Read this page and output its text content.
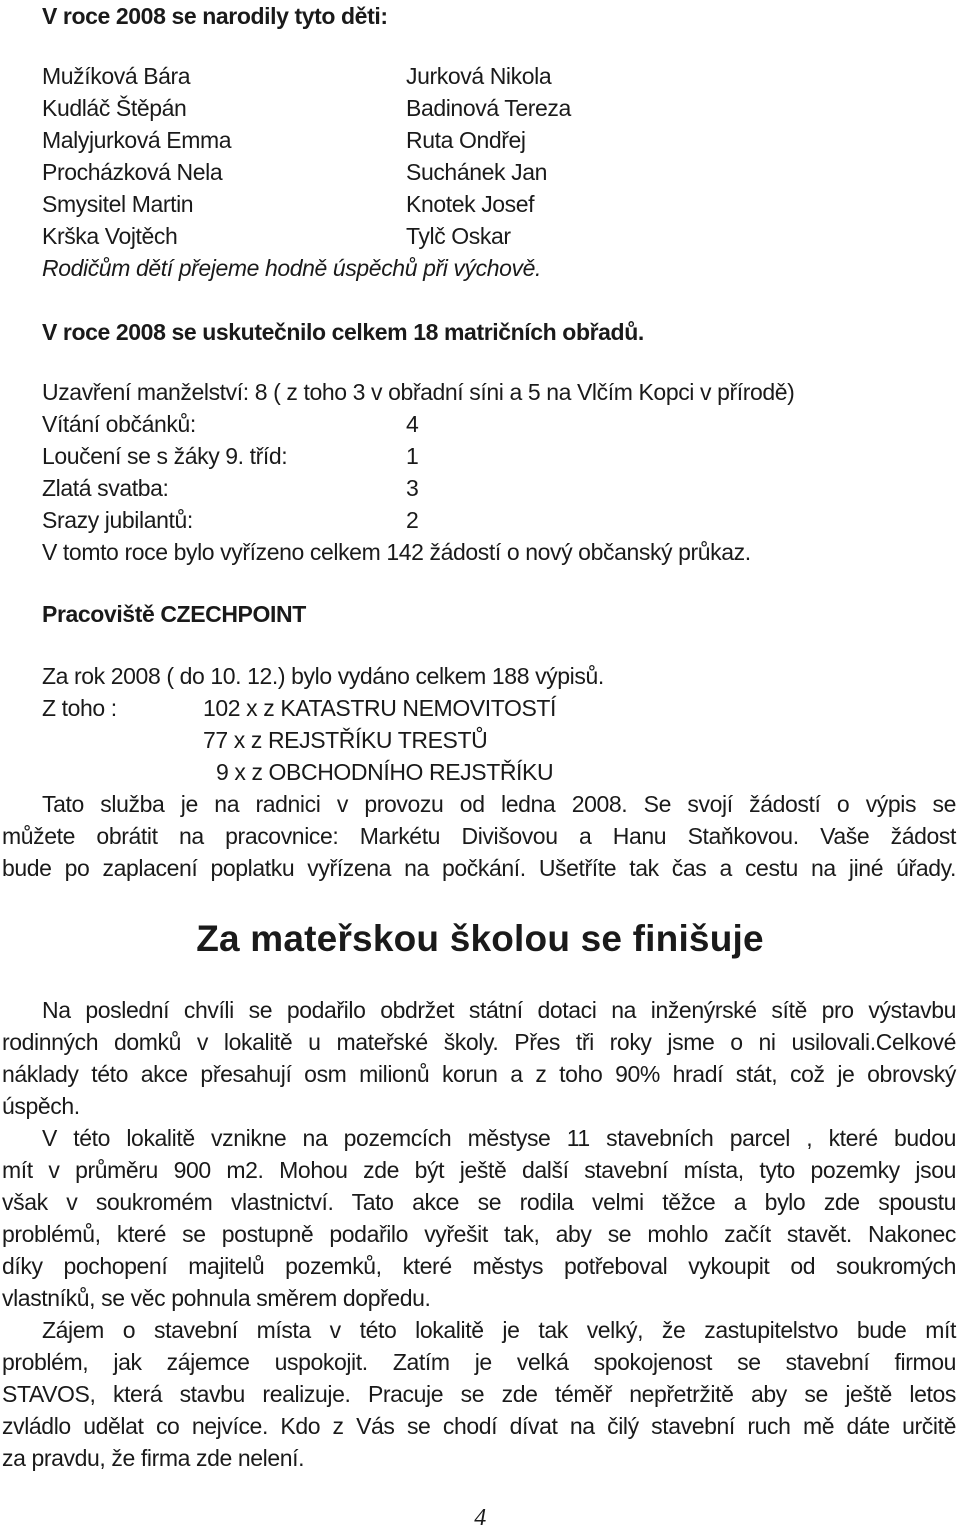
V roce 2008 se narodily tyto děti:
Mužíková Bára	Jurková Nikola
Kudláč Štěpán	Badinová Tereza
Malyjurková Emma	Ruta Ondřej
Procházková Nela	Suchánek Jan
Smysitel Martin	Knotek Josef
Krška Vojtěch	Tylč Oskar
Rodičům dětí přejeme hodně úspěchů při výchově.
V roce 2008 se uskutečnilo celkem 18 matričních obřadů.
Uzavření manželství: 8 ( z toho 3 v obřadní síni a 5 na Vlčím Kopci v přírodě)
Vítání občánků:	4
Loučení se s žáky 9. tříd:	1
Zlatá svatba:	3
Srazy jubilantů:	2
V tomto roce bylo vyřízeno celkem 142 žádostí o nový občanský průkaz.
Pracoviště CZECHPOINT
Za rok 2008 ( do 10. 12.) bylo vydáno celkem 188 výpisů.
Z toho :	102 x z KATASTRU NEMOVITOSTÍ
77 x z REJSTŘÍKU TRESTŮ
9 x z OBCHODNÍHO REJSTŘÍKU
Tato služba je na radnici v provozu od ledna 2008. Se svojí žádostí o výpis se
můžete obrátit na pracovnice: Markétu Divišovou a Hanu Staňkovou. Vaše žádost
bude po zaplacení poplatku vyřízena na počkání. Ušetříte tak čas a cestu na jiné úřady.
Za mateřskou školou se finišuje
Na poslední chvíli se podařilo obdržet státní dotaci na inženýrské sítě pro výstavbu
rodinných domků v lokalitě u mateřské školy. Přes tři roky jsme o ni usilovali.Celkové
náklady této akce přesahují osm milionů korun a z toho 90% hradí stát, což je obrovský
úspěch.
V této lokalitě vznikne na pozemcích městyse 11 stavebních parcel , které budou
mít v průměru 900 m2. Mohou zde být ještě další stavební místa, tyto pozemky jsou
však v soukromém vlastnictví. Tato akce se rodila velmi těžce a bylo zde spoustu
problémů, které se postupně podařilo vyřešit tak, aby se mohlo začít stavět. Nakonec
díky pochopení majitelů pozemků, které městys potřeboval vykoupit od soukromých
vlastníků, se věc pohnula směrem dopředu.
Zájem o stavební místa v této lokalitě je tak velký, že zastupitelstvo bude mít
problém, jak zájemce uspokojit. Zatím je velká spokojenost se stavební firmou
STAVOS, která stavbu realizuje. Pracuje se zde téměř nepřetržitě aby se ještě letos
zvládlo udělat co nejvíce. Kdo z Vás se chodí dívat na čilý stavební ruch mě dáte určitě
za pravdu, že firma zde nelení.
4
